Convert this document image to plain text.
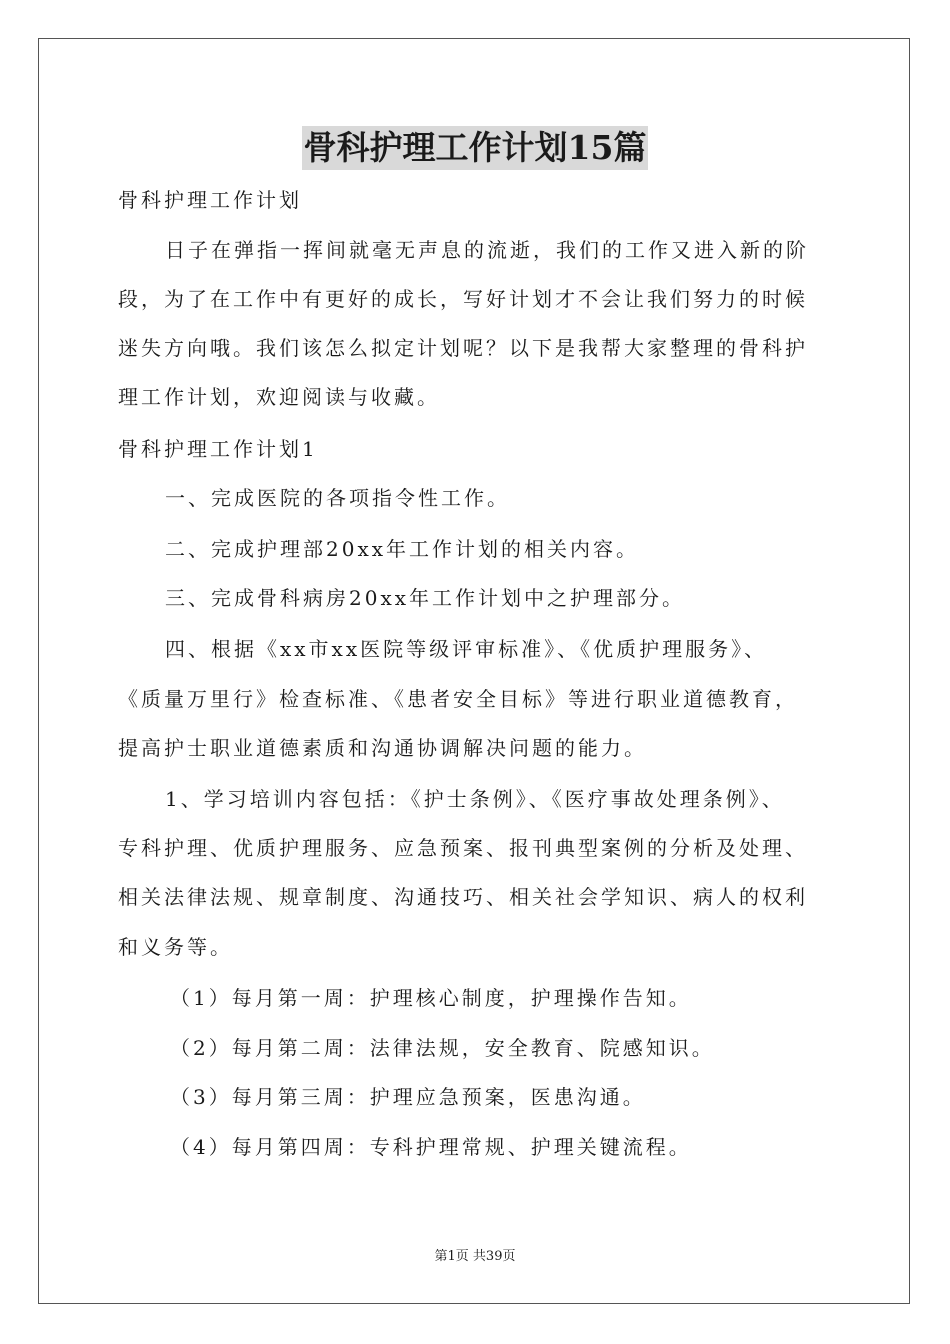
骨科护理工作计划15篇
骨科护理工作计划
日子在弹指一挥间就毫无声息的流逝，我们的工作又进入新的阶
段，为了在工作中有更好的成长，写好计划才不会让我们努力的时候
迷失方向哦。我们该怎么拟定计划呢？以下是我帮大家整理的骨科护
理工作计划，欢迎阅读与收藏。
骨科护理工作计划1
一、完成医院的各项指令性工作。
二、完成护理部20xx年工作计划的相关内容。
三、完成骨科病房20xx年工作计划中之护理部分。
四、根据《xx市xx医院等级评审标准》、《优质护理服务》、
《质量万里行》检查标准、《患者安全目标》等进行职业道德教育，
提高护士职业道德素质和沟通协调解决问题的能力。
1、学习培训内容包括：《护士条例》、《医疗事故处理条例》、
专科护理、优质护理服务、应急预案、报刊典型案例的分析及处理、
相关法律法规、规章制度、沟通技巧、相关社会学知识、病人的权利
和义务等。
（1）每月第一周：护理核心制度，护理操作告知。
（2）每月第二周：法律法规，安全教育、院感知识。
（3）每月第三周：护理应急预案，医患沟通。
（4）每月第四周：专科护理常规、护理关键流程。
第1页 共39页
